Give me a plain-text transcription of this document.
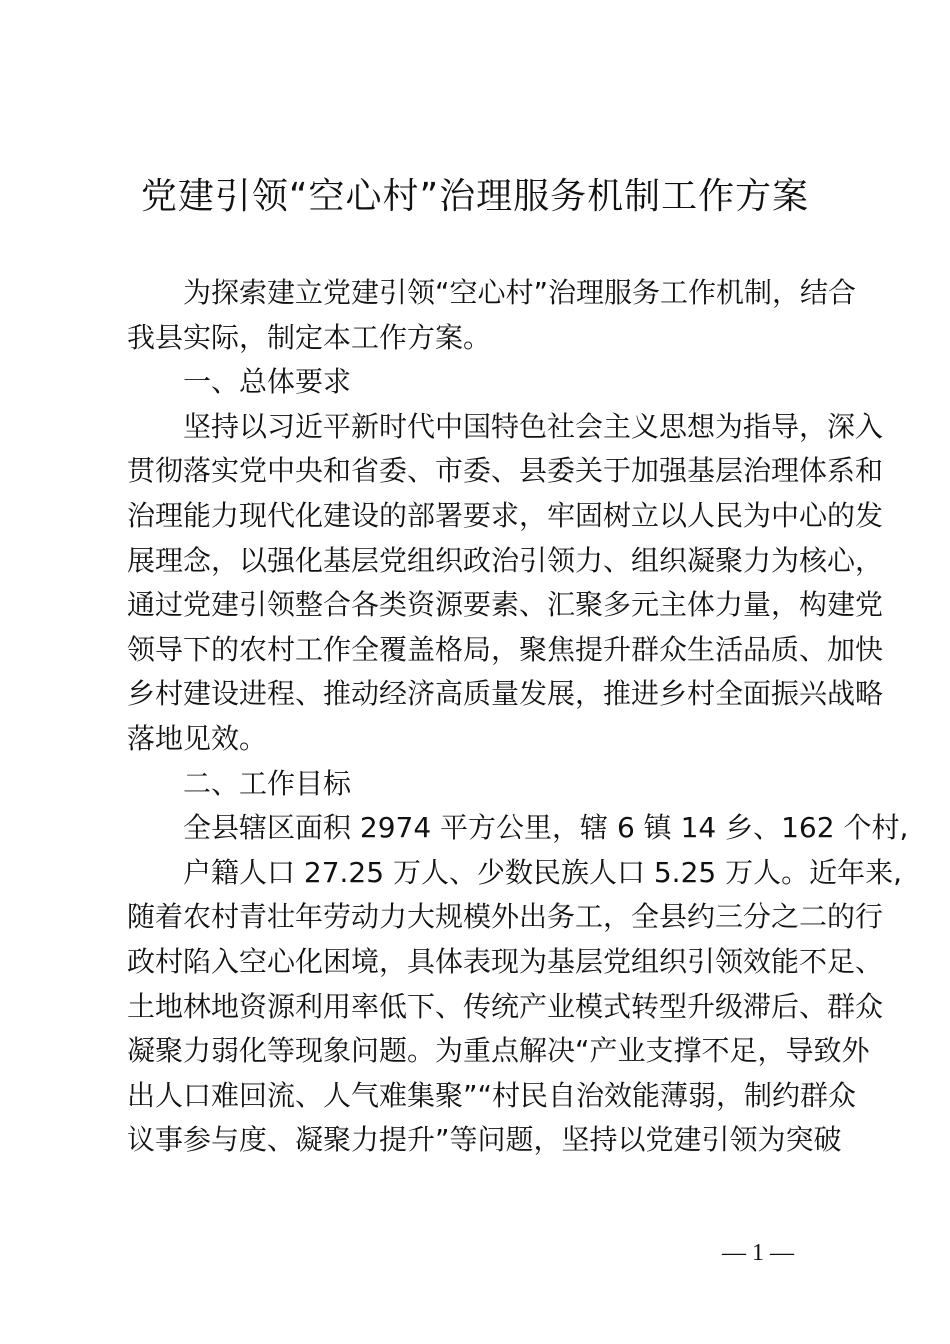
党建引领“空心村”治理服务机制工作方案
为探索建立党建引领“空心村”治理服务工作机制，结合
我县实际，制定本工作方案。
一、总体要求
坚持以习近平新时代中国特色社会主义思想为指导，深入
贯彻落实党中央和省委、市委、县委关于加强基层治理体系和
治理能力现代化建设的部署要求，牢固树立以人民为中心的发
展理念，以强化基层党组织政治引领力、组织凝聚力为核心，
通过党建引领整合各类资源要素、汇聚多元主体力量，构建党
领导下的农村工作全覆盖格局，聚焦提升群众生活品质、加快
乡村建设进程、推动经济高质量发展，推进乡村全面振兴战略
落地见效。
二、工作目标
全县辖区面积 2974 平方公里，辖 6 镇 14 乡、162 个村,
户籍人口 27.25 万人、少数民族人口 5.25 万人。近年来,
随着农村青壮年劳动力大规模外出务工，全县约三分之二的行
政村陷入空心化困境，具体表现为基层党组织引领效能不足、
土地林地资源利用率低下、传统产业模式转型升级滞后、群众
凝聚力弱化等现象问题。为重点解决“产业支撑不足，导致外
出人口难回流、人气难集聚”“村民自治效能薄弱，制约群众
议事参与度、凝聚力提升”等问题，坚持以党建引领为突破
— 1 —
